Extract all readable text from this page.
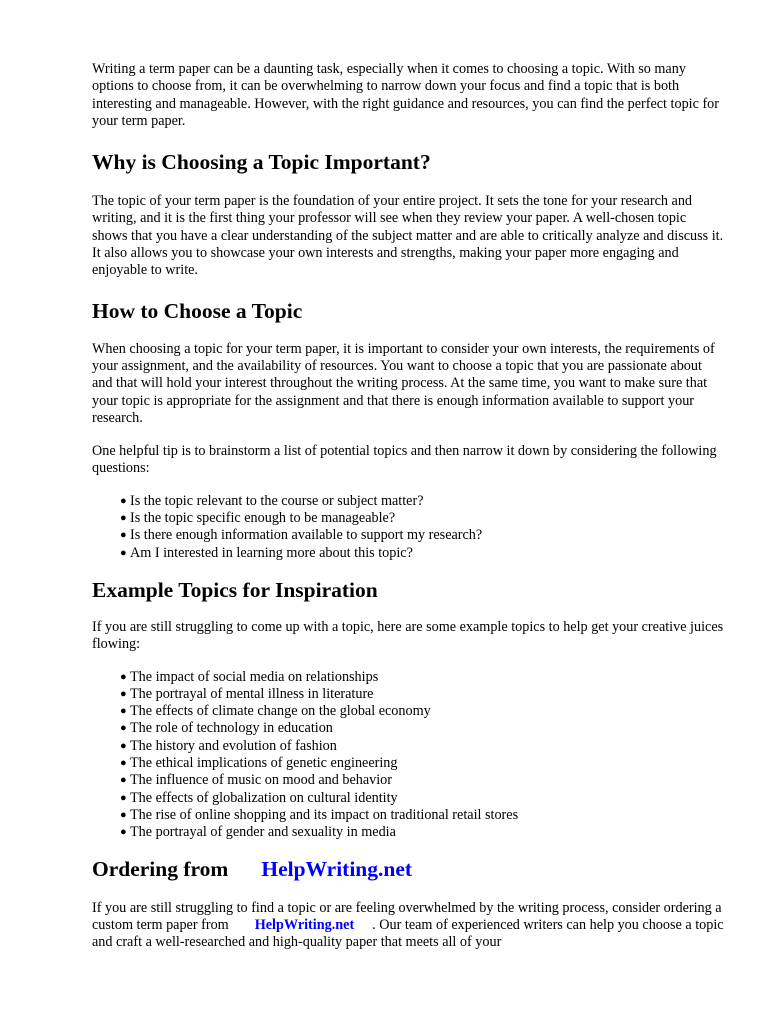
Writing a term paper can be a daunting task, especially when it comes to choosing a topic. With so many options to choose from, it can be overwhelming to narrow down your focus and find a topic that is both interesting and manageable. However, with the right guidance and resources, you can find the perfect topic for your term paper.

Why is Choosing a Topic Important?

The topic of your term paper is the foundation of your entire project. It sets the tone for your research and writing, and it is the first thing your professor will see when they review your paper. A well-chosen topic shows that you have a clear understanding of the subject matter and are able to critically analyze and discuss it. It also allows you to showcase your own interests and strengths, making your paper more engaging and enjoyable to write.

How to Choose a Topic

When choosing a topic for your term paper, it is important to consider your own interests, the requirements of your assignment, and the availability of resources. You want to choose a topic that you are passionate about and that will hold your interest throughout the writing process. At the same time, you want to make sure that your topic is appropriate for the assignment and that there is enough information available to support your research.

One helpful tip is to brainstorm a list of potential topics and then narrow it down by considering the following questions:

● Is the topic relevant to the course or subject matter?
● Is the topic specific enough to be manageable?
● Is there enough information available to support my research?
● Am I interested in learning more about this topic?
Example Topics for Inspiration

If you are still struggling to come up with a topic, here are some example topics to help get your creative juices flowing:

● The impact of social media on relationships
● The portrayal of mental illness in literature
● The effects of climate change on the global economy
● The role of technology in education
● The history and evolution of fashion
● The ethical implications of genetic engineering
● The influence of music on mood and behavior
● The effects of globalization on cultural identity
● The rise of online shopping and its impact on traditional retail stores
● The portrayal of gender and sexuality in media
Ordering from HelpWriting.net

If you are still struggling to find a topic or are feeling overwhelmed by the writing process, consider ordering a custom term paper from HelpWriting.net . Our team of experienced writers can help you choose a topic and craft a well-researched and high-quality paper that meets all of your
